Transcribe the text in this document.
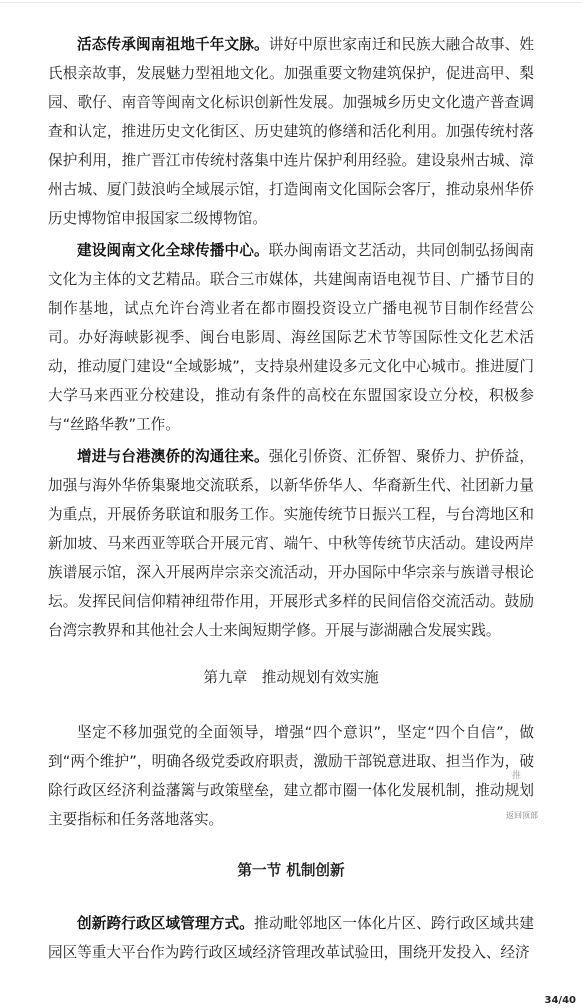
活态传承闽南祖地千年文脉。讲好中原世家南迁和民族大融合故事、姓氏根亲故事，发展魅力型祖地文化。加强重要文物建筑保护，促进高甲、梨园、歌仔、南音等闽南文化标识创新性发展。加强城乡历史文化遗产普查调查和认定，推进历史文化街区、历史建筑的修缮和活化利用。加强传统村落保护利用，推广晋江市传统村落集中连片保护利用经验。建设泉州古城、漳州古城、厦门鼓浪屿全域展示馆，打造闽南文化国际会客厅，推动泉州华侨历史博物馆申报国家二级博物馆。

建设闽南文化全球传播中心。联办闽南语文艺活动，共同创制弘扬闽南文化为主体的文艺精品。联合三市媒体，共建闽南语电视节目、广播节目的制作基地，试点允许台湾业者在都市圈投资设立广播电视节目制作经营公司。办好海峡影视季、闽台电影周、海丝国际艺术节等国际性文化艺术活动，推动厦门建设“全域影城”，支持泉州建设多元文化中心城市。推进厦门大学马来西亚分校建设，推动有条件的高校在东盟国家设立分校，积极参与“丝路华教”工作。

增进与台港澳侨的沟通往来。强化引侨资、汇侨智、聚侨力、护侨益，加强与海外华侨集聚地交流联系，以新华侨华人、华裔新生代、社团新力量为重点，开展侨务联谊和服务工作。实施传统节日振兴工程，与台湾地区和新加坡、马来西亚等联合开展元宵、端午、中秋等传统节庆活动。建设两岸族谱展示馆，深入开展两岸宗亲交流活动，开办国际中华宗亲与族谱寻根论坛。发挥民间信仰精神纽带作用，开展形式多样的民间信俗交流活动。鼓励台湾宗教界和其他社会人士来闽短期学修。开展与澎湖融合发展实践。

第九章　推动规划有效实施

坚定不移加强党的全面领导，增强“四个意识”，坚定“四个自信”，做到“两个维护”，明确各级党委政府职责，激励干部锐意进取、担当作为，破除行政区经济利益藩篱与政策壁垒，建立都市圈一体化发展机制，推动规划主要指标和任务落地落实。

第一节 机制创新

创新跨行政区域管理方式。推动毗邻地区一体化片区、跨行政区域共建园区等重大平台作为跨行政区域经济管理改革试验田，围绕开发投入、经济

推
返回顶部
34/40
